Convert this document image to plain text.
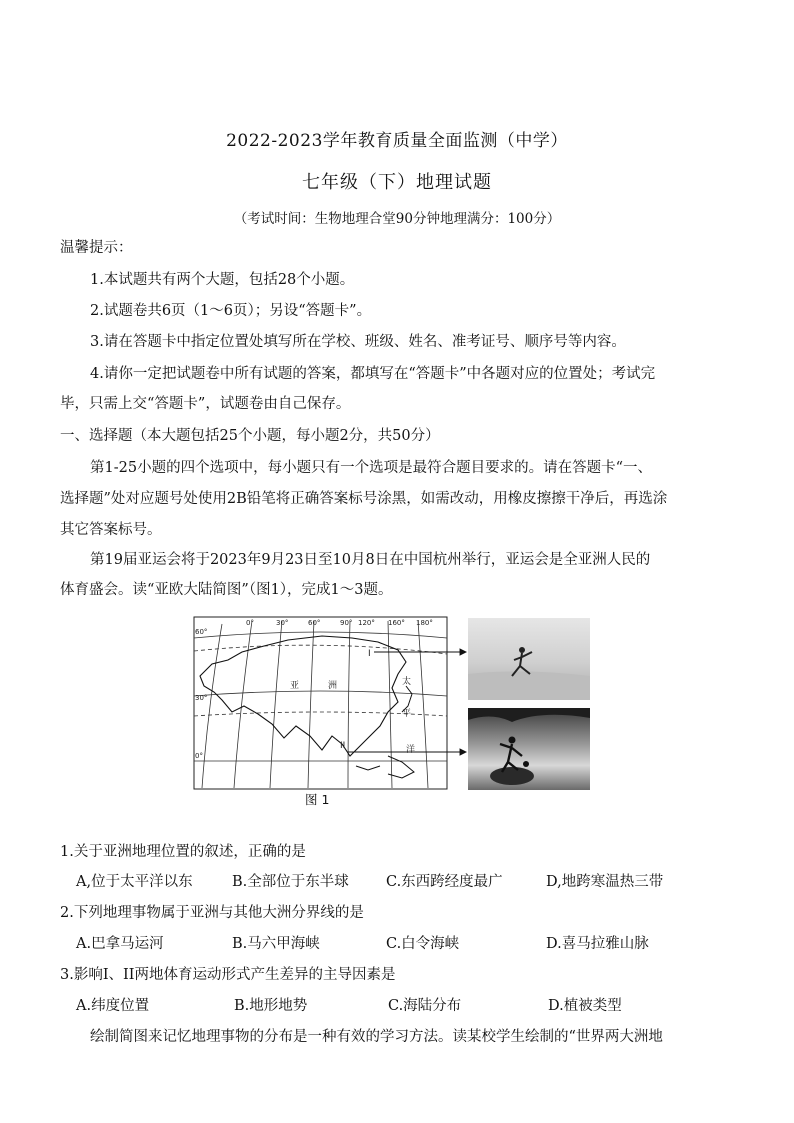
2022-2023学年教育质量全面监测（中学）
七年级（下）地理试题
（考试时间：生物地理合堂90分钟地理满分：100分）
温馨提示：
1.本试题共有两个大题，包括28个小题。
2.试题卷共6页（1～6页）；另设“答题卡”。
3.请在答题卡中指定位置处填写所在学校、班级、姓名、准考证号、顺序号等内容。
4.请你一定把试题卷中所有试题的答案，都填写在“答题卡”中各题对应的位置处；考试完
毕，只需上交“答题卡”，试题卷由自己保存。
一、选择题（本大题包括25个小题，每小题2分，共50分）
第1-25小题的四个选项中，每小题只有一个选项是最符合题目要求的。请在答题卡“一、
选择题”处对应题号处使用2B铅笔将正确答案标号涂黑，如需改动，用橡皮擦擦干净后，再选涂
其它答案标号。
第19届亚运会将于2023年9月23日至10月8日在中国杭州举行，亚运会是全亚洲人民的
体育盛会。读“亚欧大陆简图”（图1），完成1～3题。
0°	30°	60°	90° 120° 160° 180°
60°
30°
0°
亚	洲	太
平
洋
I
II
图 1
1.关于亚洲地理位置的叙述，正确的是
A,位于太平洋以东	B.全部位于东半球	C.东西跨经度最广	D,地跨寒温热三带
2.下列地理事物属于亚洲与其他大洲分界线的是
A.巴拿马运河	B.马六甲海峡	C.白令海峡	D.喜马拉雅山脉
3.影响I、II两地体育运动形式产生差异的主导因素是
A.纬度位置	B.地形地势	C.海陆分布	D.植被类型
绘制简图来记忆地理事物的分布是一种有效的学习方法。读某校学生绘制的“世界两大洲地
